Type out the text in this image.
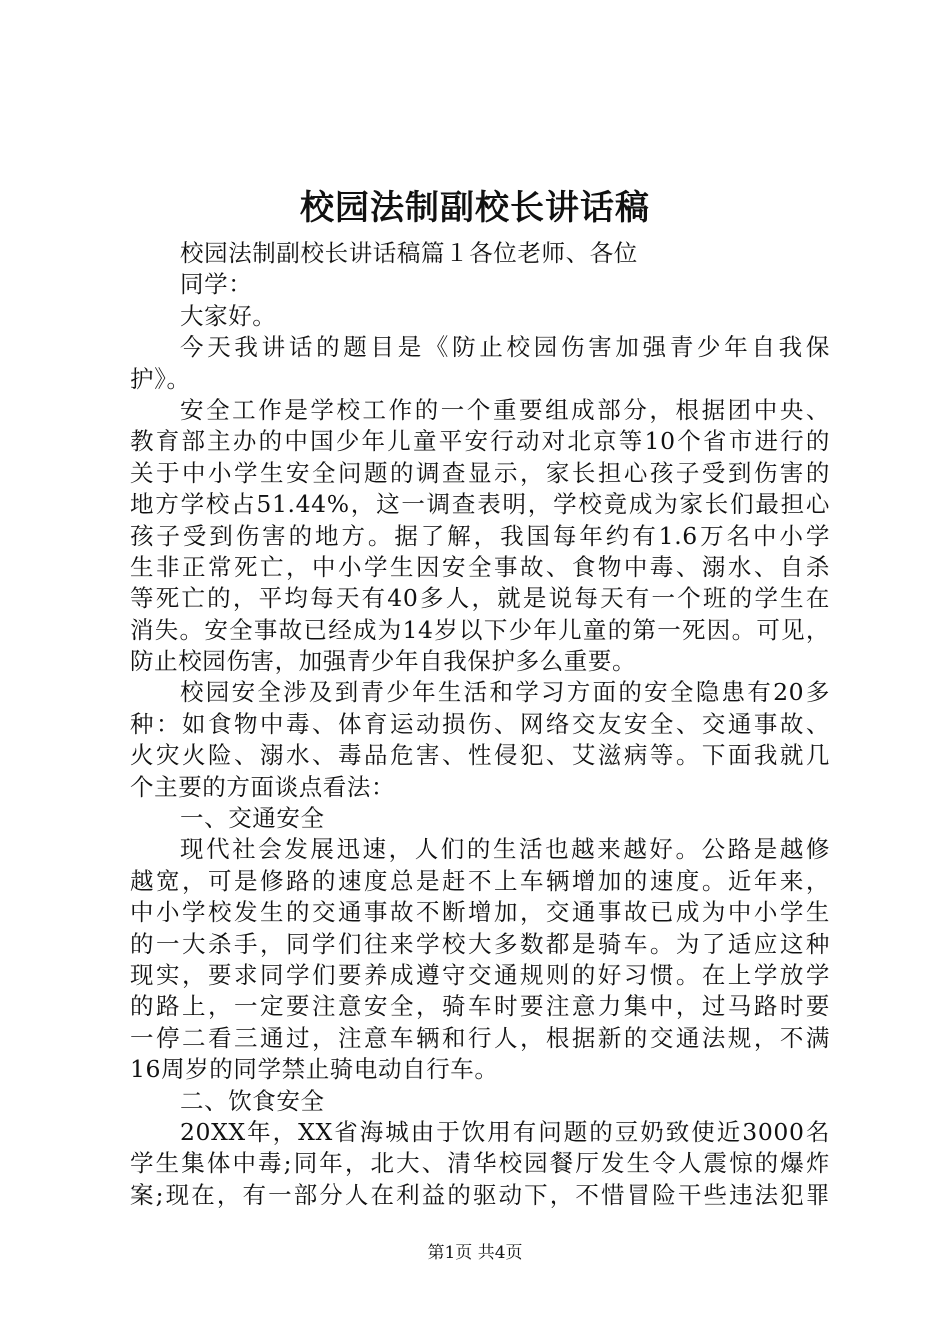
校园法制副校长讲话稿
校园法制副校长讲话稿篇１各位老师、各位
同学：
大家好。
今天我讲话的题目是《防止校园伤害加强青少年自我保
护》。
安全工作是学校工作的一个重要组成部分，根据团中央、
教育部主办的中国少年儿童平安行动对北京等10个省市进行的
关于中小学生安全问题的调查显示，家长担心孩子受到伤害的
地方学校占51.44%，这一调查表明，学校竟成为家长们最担心
孩子受到伤害的地方。据了解，我国每年约有1.6万名中小学
生非正常死亡，中小学生因安全事故、食物中毒、溺水、自杀
等死亡的，平均每天有40多人，就是说每天有一个班的学生在
消失。安全事故已经成为14岁以下少年儿童的第一死因。可见，
防止校园伤害，加强青少年自我保护多么重要。
校园安全涉及到青少年生活和学习方面的安全隐患有20多
种：如食物中毒、体育运动损伤、网络交友安全、交通事故、
火灾火险、溺水、毒品危害、性侵犯、艾滋病等。下面我就几
个主要的方面谈点看法：
一、交通安全
现代社会发展迅速，人们的生活也越来越好。公路是越修
越宽，可是修路的速度总是赶不上车辆增加的速度。近年来，
中小学校发生的交通事故不断增加，交通事故已成为中小学生
的一大杀手，同学们往来学校大多数都是骑车。为了适应这种
现实，要求同学们要养成遵守交通规则的好习惯。在上学放学
的路上，一定要注意安全，骑车时要注意力集中，过马路时要
一停二看三通过，注意车辆和行人，根据新的交通法规，不满
16周岁的同学禁止骑电动自行车。
二、饮食安全
20XX年，XX省海城由于饮用有问题的豆奶致使近3000名
学生集体中毒;同年，北大、清华校园餐厅发生令人震惊的爆炸
案;现在，有一部分人在利益的驱动下，不惜冒险干些违法犯罪
第1页 共4页
